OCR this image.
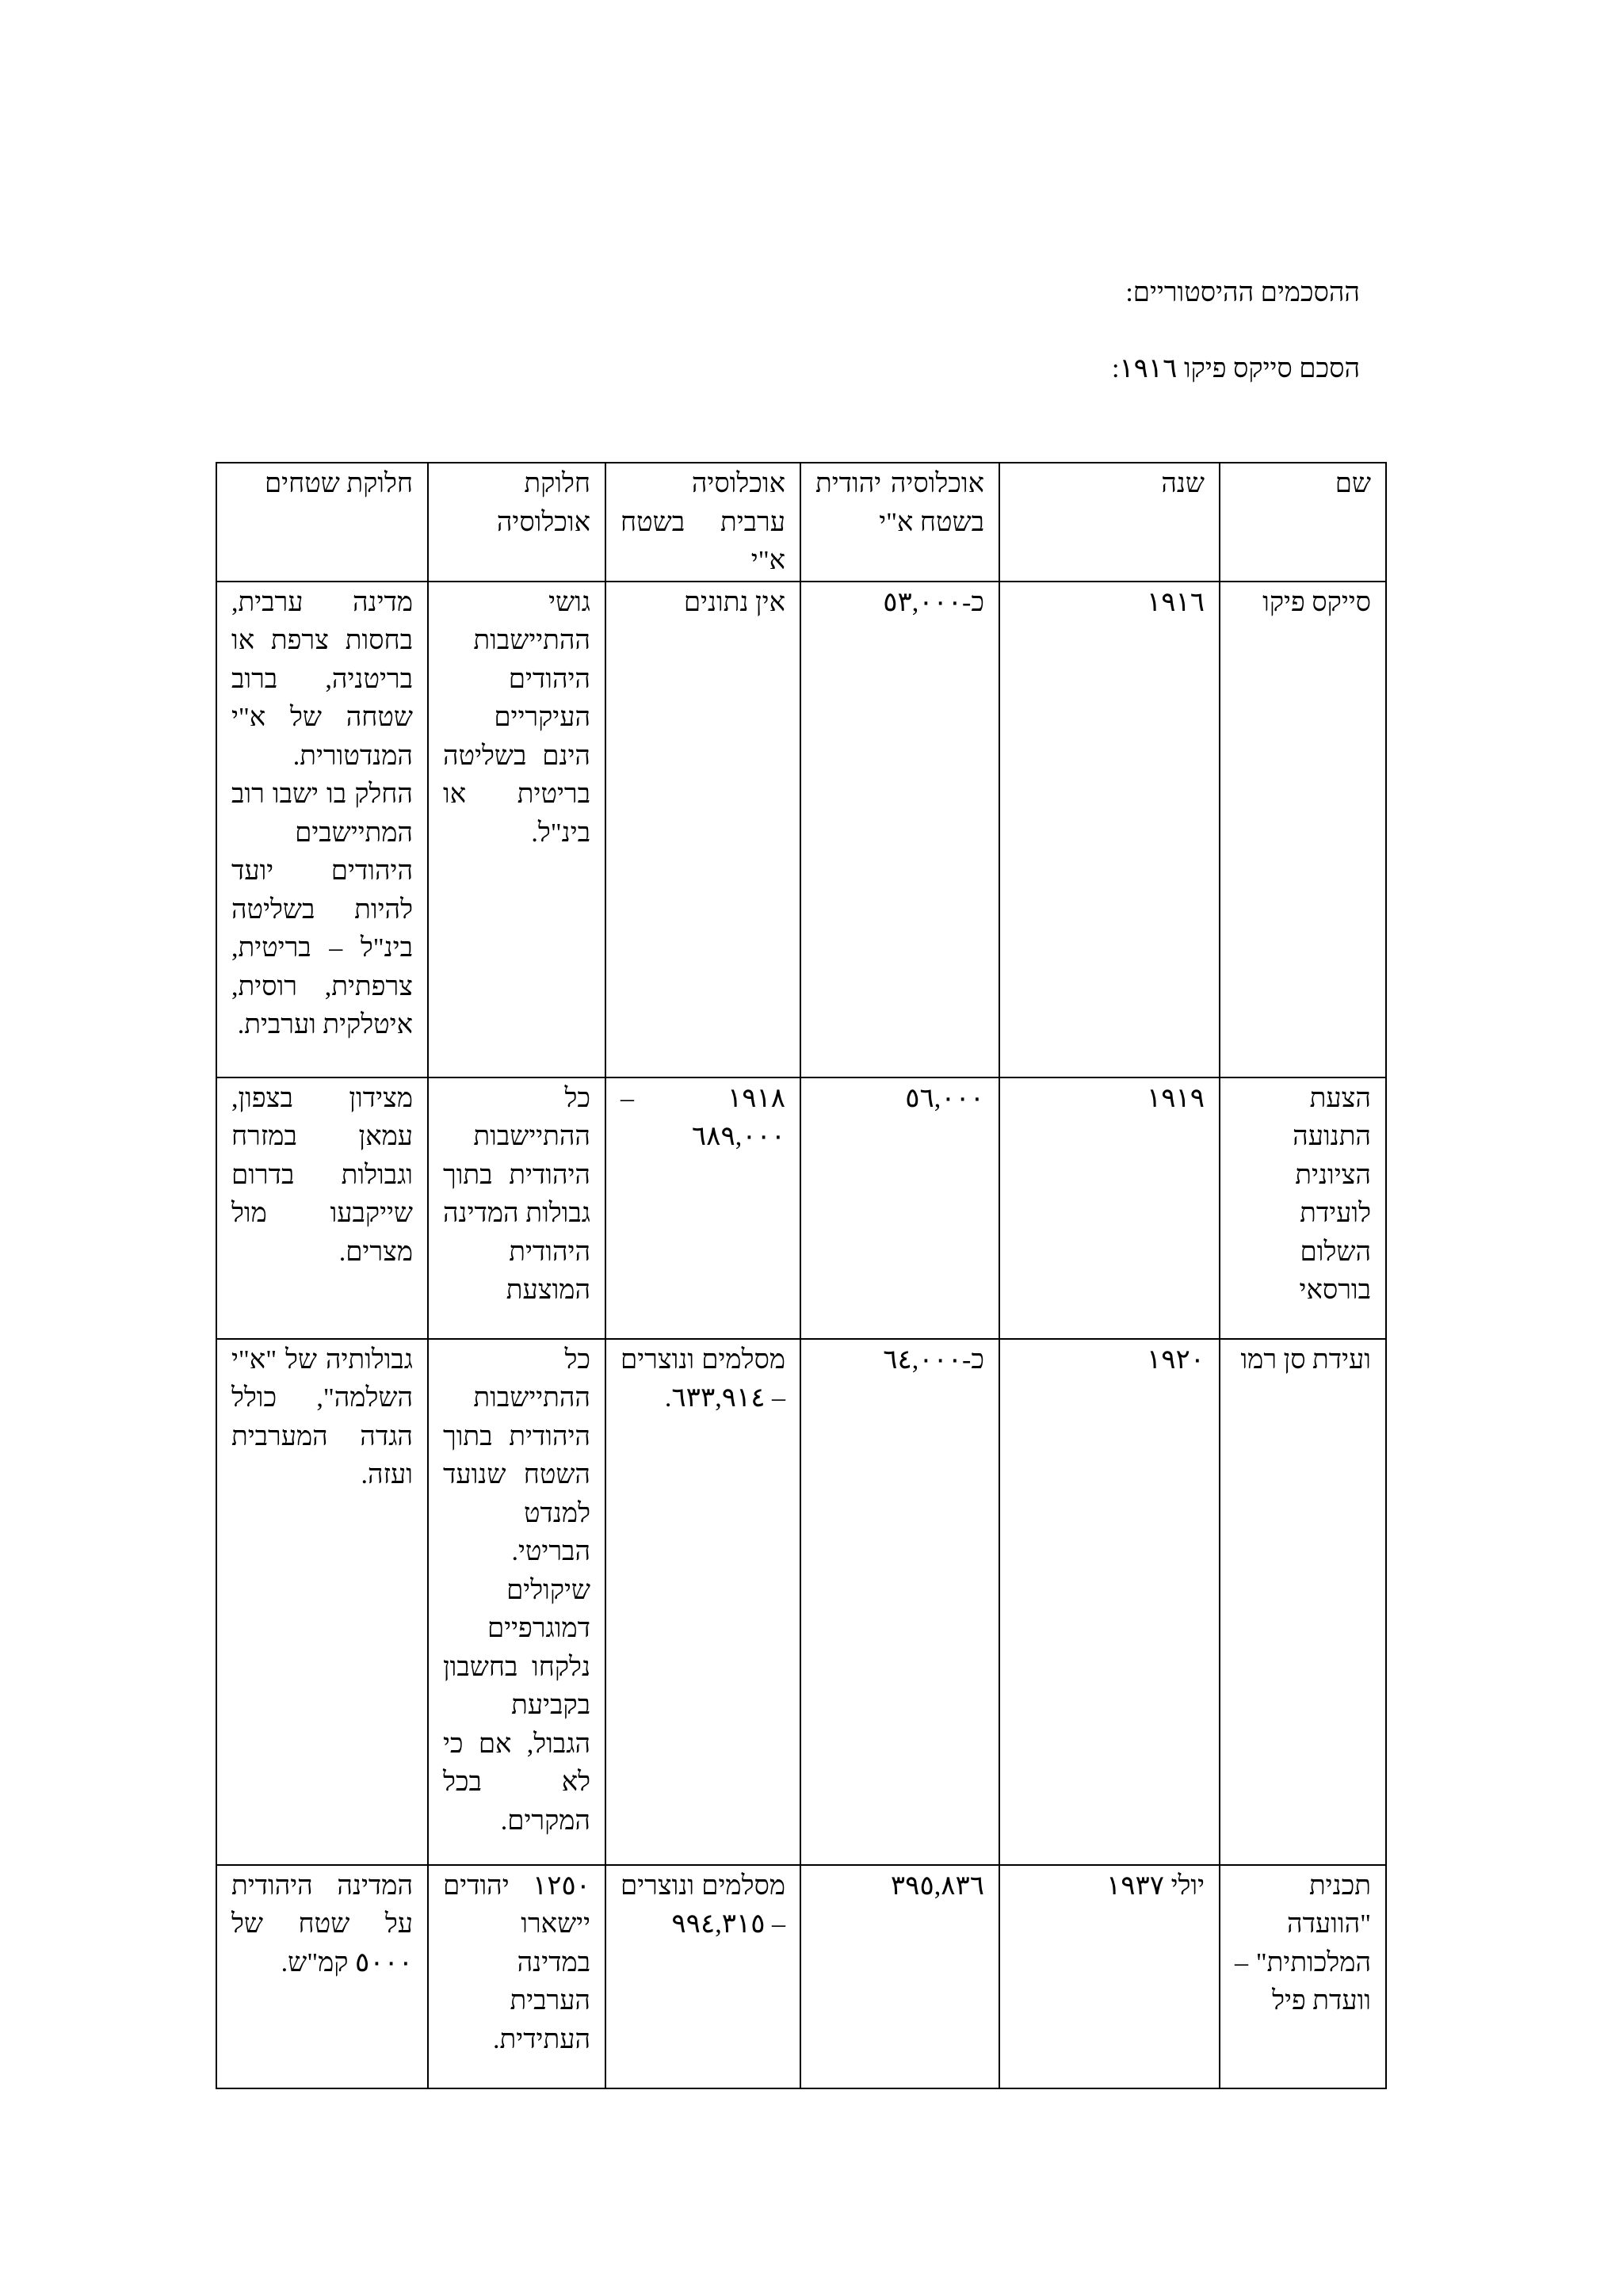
ההסכמים ההיסטוריים:
הסכם סייקס פיקו ١٩١٦:
שם	שנה	אוכלוסיה יהודית בשטח א"י	אוכלוסיה ערבית בשטח א"י	חלוקת אוכלוסיה	חלוקת שטחים

סייקס פיקו	١٩١٦	כ-٥٣,٠٠٠	אין נתונים	גושי ההתיישבות היהודים העיקריים הינם בשליטה בריטית או בינ"ל.	מדינה ערבית, בחסות צרפת או בריטניה, ברוב שטחה של א"י המנדטורית. החלק בו ישבו רוב המתיישבים היהודים יועד להיות בשליטה בינ"ל – בריטית, צרפתית, רוסית, איטלקית וערבית.

הצעת התנועה הציונית לועידת השלום בורסאי	١٩١٩	٥٦,٠٠٠	١٩١٨ – ٦٨٩,٠٠٠	כל ההתיישבות היהודית בתוך גבולות המדינה היהודית המוצעת	מצידון בצפון, עמאן במזרח וגבולות בדרום שייקבעו מול מצרים.

ועידת סן רמו	١٩٢٠	כ-٦٤,٠٠٠	מסלמים ונוצרים – ٦٣٣,٩١٤.	כל ההתיישבות היהודית בתוך השטח שנועד למנדט הבריטי. שיקולים דמוגרפיים נלקחו בחשבון בקביעת הגבול, אם כי לא בכל המקרים.	גבולותיה של "א"י השלמה", כולל הגדה המערבית ועזה.

תכנית "הוועדה המלכותית" – וועדת פיל	יולי ١٩٣٧	٣٩٥,٨٣٦	מסלמים ונוצרים – ٩٩٤,٣١٥	١٢٥٠ יהודים יישארו במדינה הערבית העתידית.	המדינה היהודית על שטח של ٥٠٠٠ קמ"ש.
